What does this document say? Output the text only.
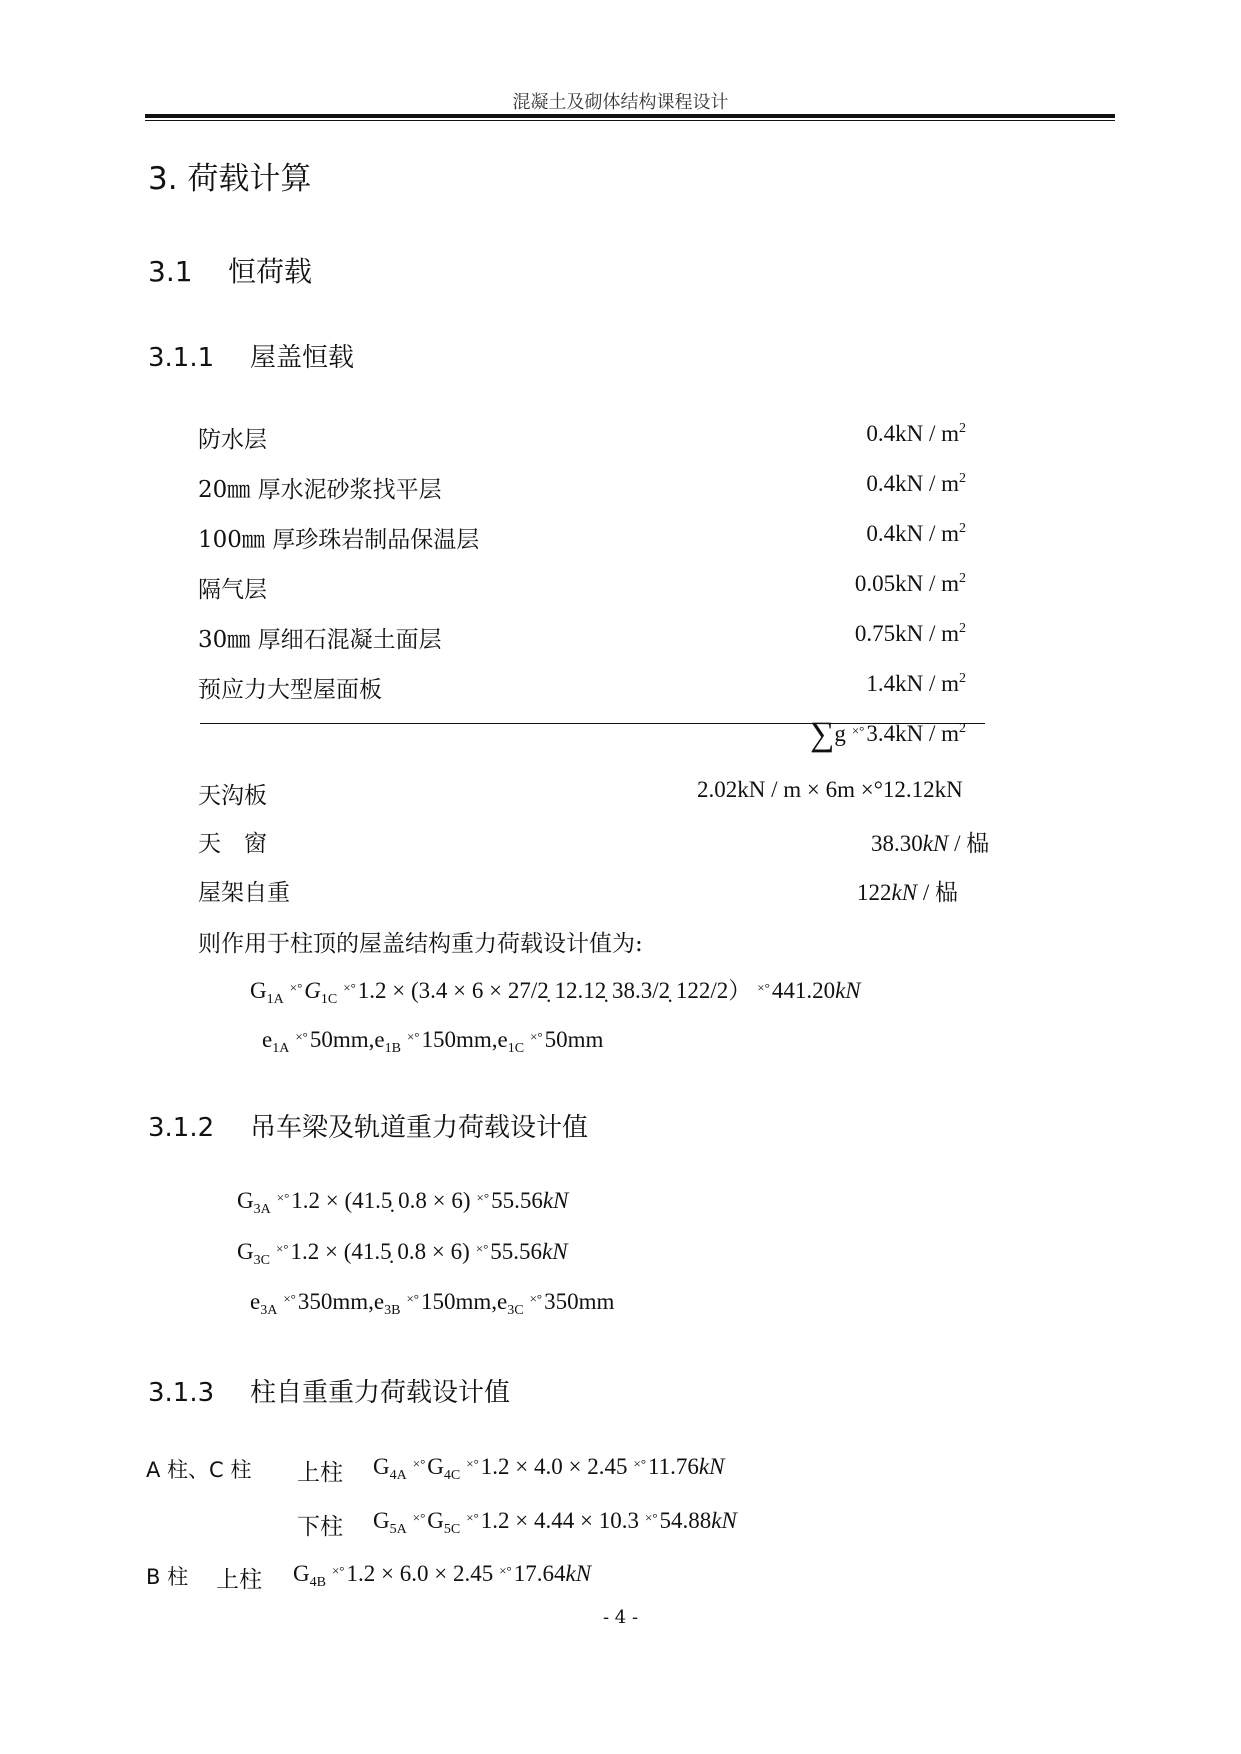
混凝土及砌体结构课程设计
3. 荷载计算
3.1 恒荷载
3.1.1 屋盖恒载
防水层	$0.4kN / m^2$
20㎜ 厚水泥砂浆找平层	$0.4kN / m^2$
100㎜ 厚珍珠岩制品保温层	$0.4kN / m^2$
隔气层	$0.05kN / m^2$
30㎜ 厚细石混凝土面层	$0.75kN / m^2$
预应力大型屋面板	$1.4kN / m^2$
∑g $^{\times^\circ}3.4kN / m^2$
天沟板	2.02kN / m × 6m ×°12.12kN
天　窗	38.30kN / 榀
屋架自重	122kN / 榀
则作用于柱顶的屋盖结构重力荷载设计值为:
$G_{1A}^{\times^\circ}G_{1C}^{\times^\circ}1.2 \times (3.4 \times 6$ × 27/2̣ 12.12̣ 38.3/2̣ 122/2） ×°441.20kN
$e_{1A}^{\times^\circ}50mm,e_{1B}^{\times^\circ}150mm,e_{1C}^{\times^\circ}50mm$
3.1.2 吊车梁及轨道重力荷载设计值
$G_{3A}^{\times^\circ}1.2$ × (41.5̣ 0.8 × 6) ×°55.56kN
$G_{3C}^{\times^\circ}1.2$ × (41.5̣ 0.8 × 6) ×°55.56kN
$e_{3A}^{\times^\circ}350mm,e_{3B}^{\times^\circ}150mm,e_{3C}^{\times^\circ}350mm$
3.1.3 柱自重重力荷载设计值
A 柱、C 柱 上柱 $G_{4A}^{\times^\circ}G_{4C}^{\times^\circ}1.2 \times 4.0 \times 2.45$ ×°11.76kN
下柱 $G_{5A}^{\times^\circ}G_{5C}^{\times^\circ}1.2 \times 4.44 \times 10.3$ ×°54.88kN
B 柱 上柱 $G_{4B}^{\times^\circ}1.2 \times 6.0 \times 2.45$ ×°17.64kN
- 4 -
